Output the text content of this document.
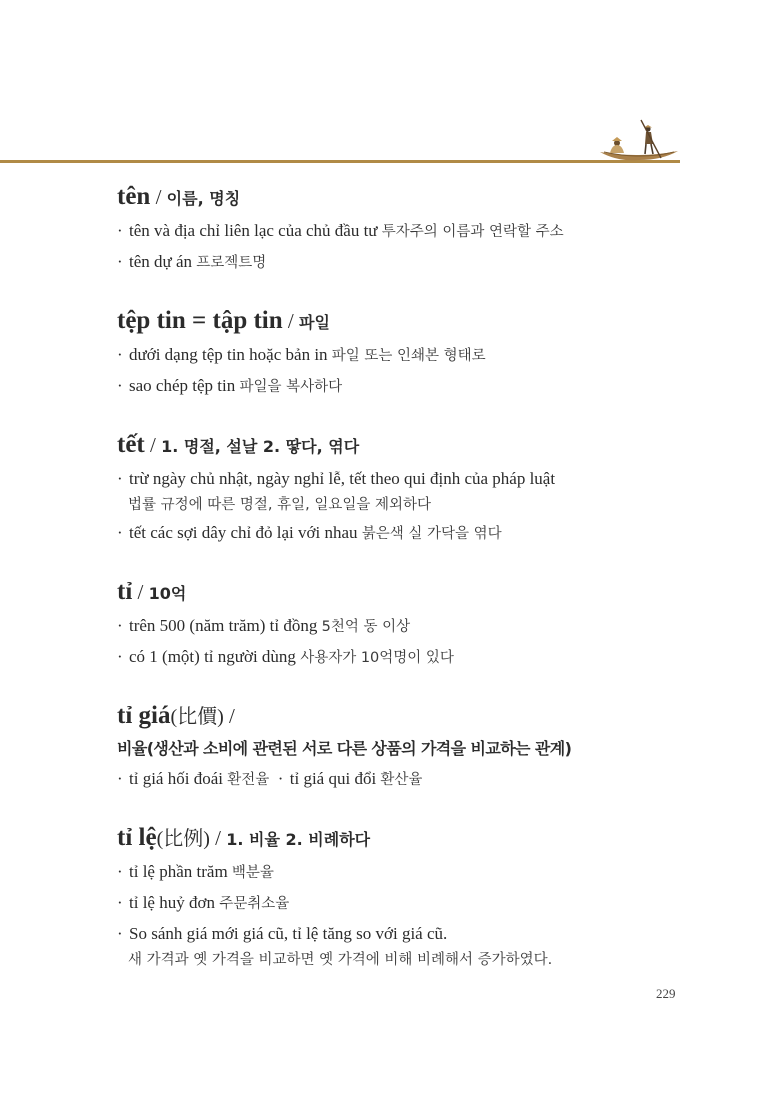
tên / 이름, 명칭
· tên và địa chỉ liên lạc của chủ đầu tư 투자주의 이름과 연락할 주소
· tên dự án 프로젝트명
tệp tin = tập tin / 파일
· dưới dạng tệp tin hoặc bản in 파일 또는 인쇄본 형태로
· sao chép tệp tin 파일을 복사하다
tết / 1. 명절, 설날 2. 땋다, 엮다
· trừ ngày chủ nhật, ngày nghỉ lễ, tết theo qui định của pháp luật
법률 규정에 따른 명절, 휴일, 일요일을 제외하다
· tết các sợi dây chỉ đỏ lại với nhau 붉은색 실 가닥을 엮다
tỉ / 10억
· trên 500 (năm trăm) tỉ đồng 5천억 동 이상
· có 1 (một) tỉ người dùng 사용자가 10억명이 있다
tỉ giá(比價) /
비율(생산과 소비에 관련된 서로 다른 상품의 가격을 비교하는 관계)
· tỉ giá hối đoái 환전율 · tỉ giá qui đổi 환산율
tỉ lệ(比例) / 1. 비율 2. 비례하다
· tỉ lệ phần trăm 백분율
· tỉ lệ huỷ đơn 주문취소율
· So sánh giá mới giá cũ, tỉ lệ tăng so với giá cũ.
새 가격과 옛 가격을 비교하면 옛 가격에 비해 비례해서 증가하였다.
229
